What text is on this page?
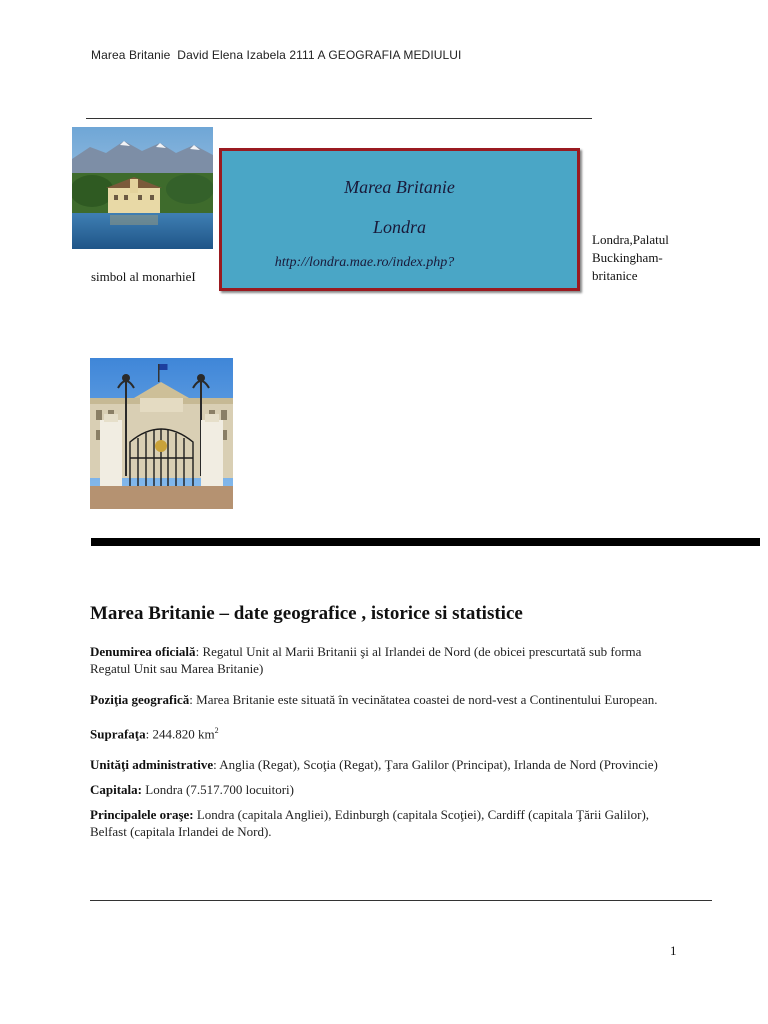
Marea Britanie  David Elena Izabela 2111 A GEOGRAFIA MEDIULUI
Marea Britanie
Londra
http://londra.mae.ro/index.php?
simbol al monarhieI
Londra,Palatul
Buckingham-
britanice
Marea Britanie – date geografice , istorice si statistice

Denumirea oficială: Regatul Unit al Marii Britanii şi al Irlandei de Nord (de obicei prescurtată sub forma Regatul Unit sau Marea Britanie)

Poziţia geografică: Marea Britanie este situată în vecinătatea coastei de nord-vest a Continentului European.

Suprafaţa: 244.820 $km^2$

Unităţi administrative: Anglia (Regat), Scoţia (Regat), Ţara Galilor (Principat), Irlanda de Nord (Provincie)

Capitala: Londra (7.517.700 locuitori)

Principalele oraşe: Londra (capitala Angliei), Edinburgh (capitala Scoţiei), Cardiff (capitala Ţării Galilor), Belfast (capitala Irlandei de Nord).

1
